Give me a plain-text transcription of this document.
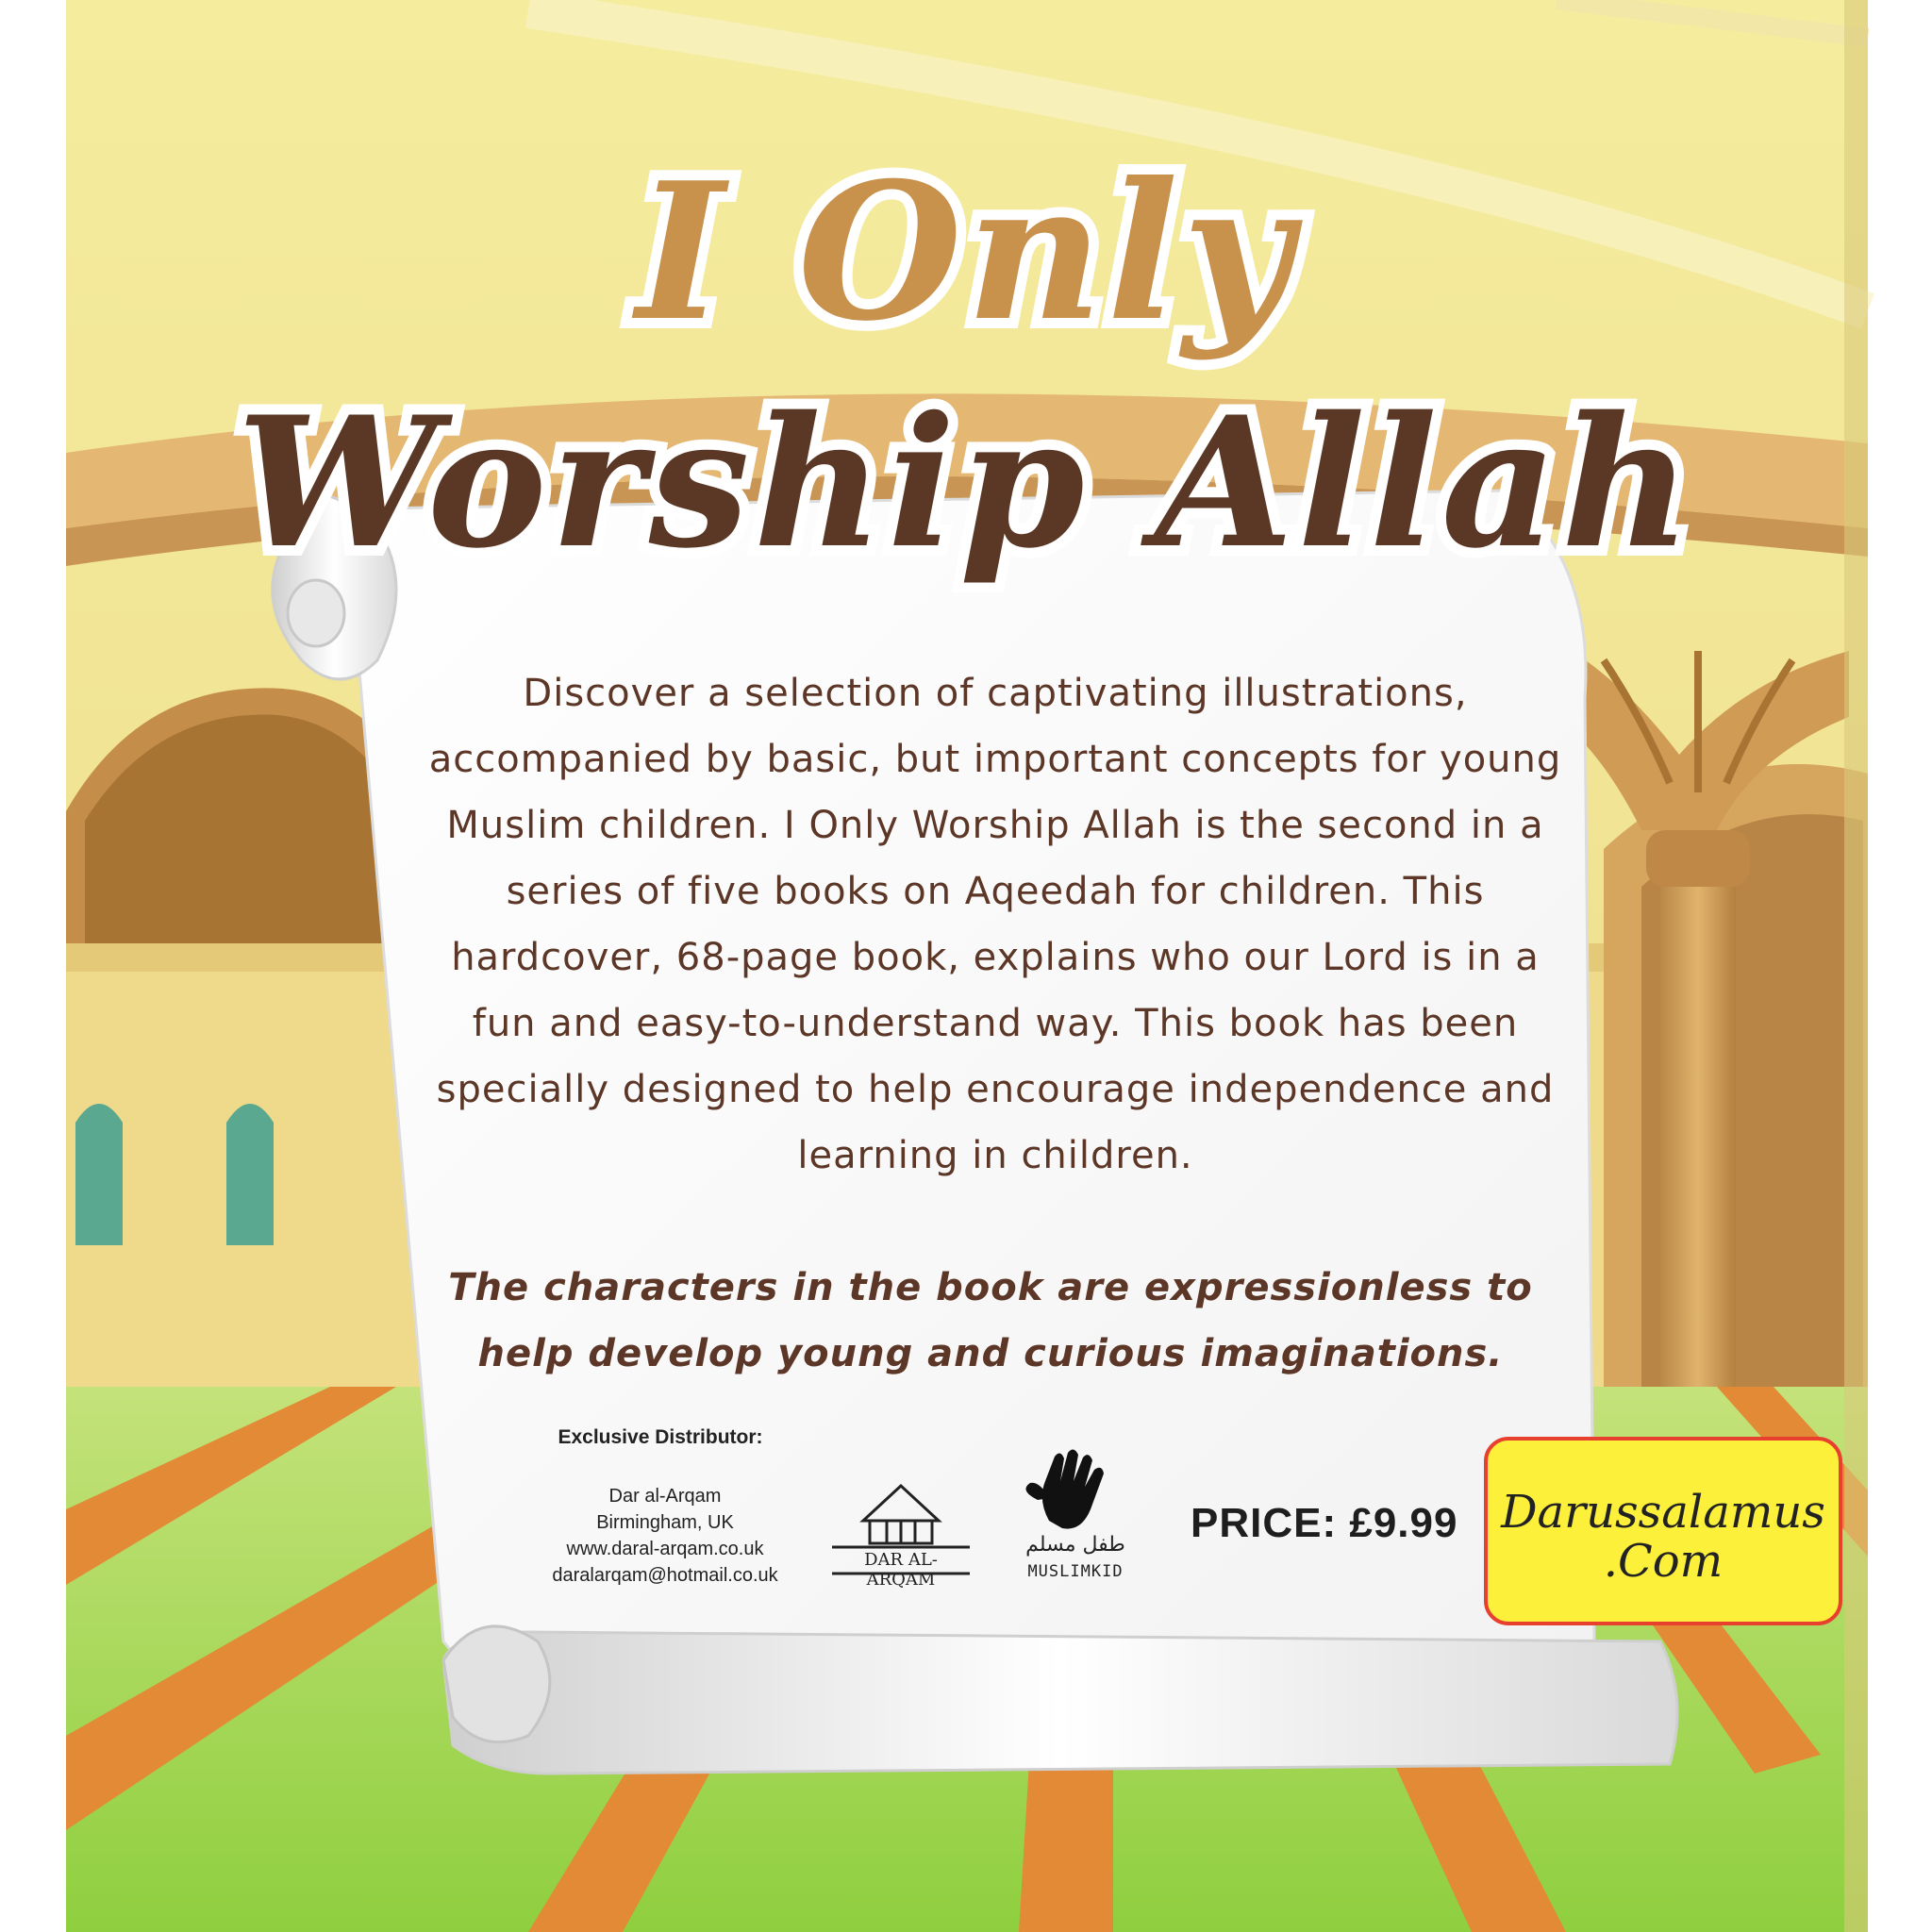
I Only
Worship Allah
Discover a selection of captivating illustrations, accompanied by basic, but important concepts for young Muslim children. I Only Worship Allah is the second in a series of five books on Aqeedah for children. This hardcover, 68-page book, explains who our Lord is in a fun and easy-to-understand way. This book has been specially designed to help encourage independence and learning in children.
The characters in the book are expressionless to
help develop young and curious imaginations.
Exclusive Distributor:
Dar al-Arqam
Birmingham, UK
www.daral-arqam.co.uk
daralarqam@hotmail.co.uk
DAR AL-ARQAM
طفل مسلم
MUSLIMKID
PRICE: £9.99 Darussalamus
.Com
